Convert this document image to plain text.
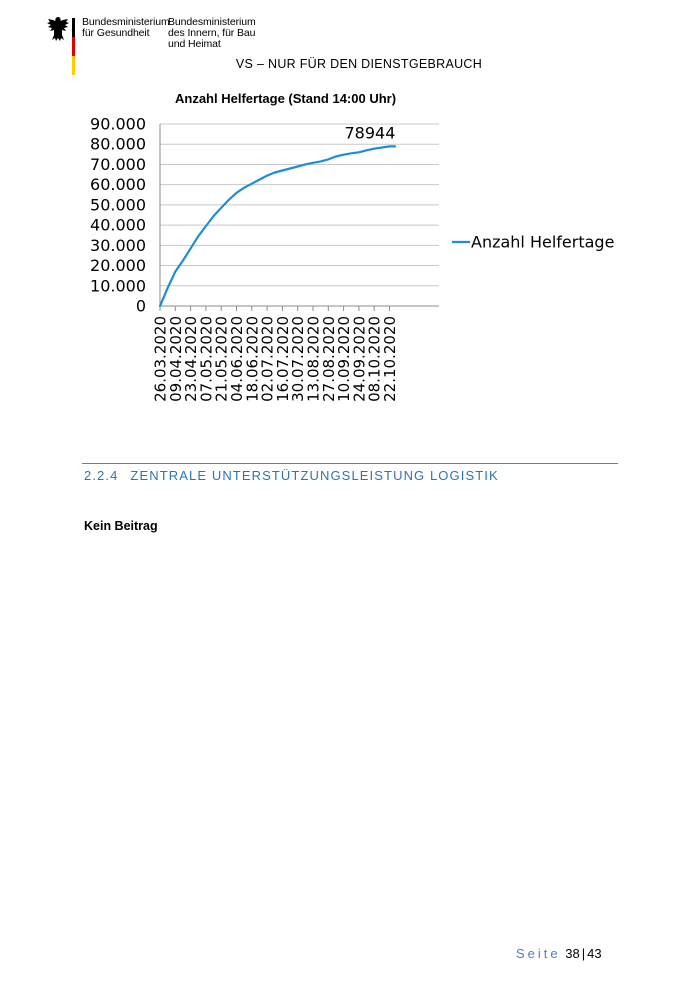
Bundesministerium
für Gesundheit
Bundesministerium
des Innern, für Bau
und Heimat
VS – NUR FÜR DEN DIENSTGEBRAUCH
Anzahl Helfertage (Stand 14:00 Uhr)
0
10.000
20.000
30.000
40.000
50.000
60.000
70.000
80.000
90.000
26.03.2020
09.04.2020
23.04.2020
07.05.2020
21.05.2020
04.06.2020
18.06.2020
02.07.2020
16.07.2020
30.07.2020
13.08.2020
27.08.2020
10.09.2020
24.09.2020
08.10.2020
22.10.2020
78944
Anzahl Helfertage
2.2.4 ZENTRALE UNTERSTÜTZUNGSLEISTUNG LOGISTIK
Kein Beitrag
Seite 38 | 43
